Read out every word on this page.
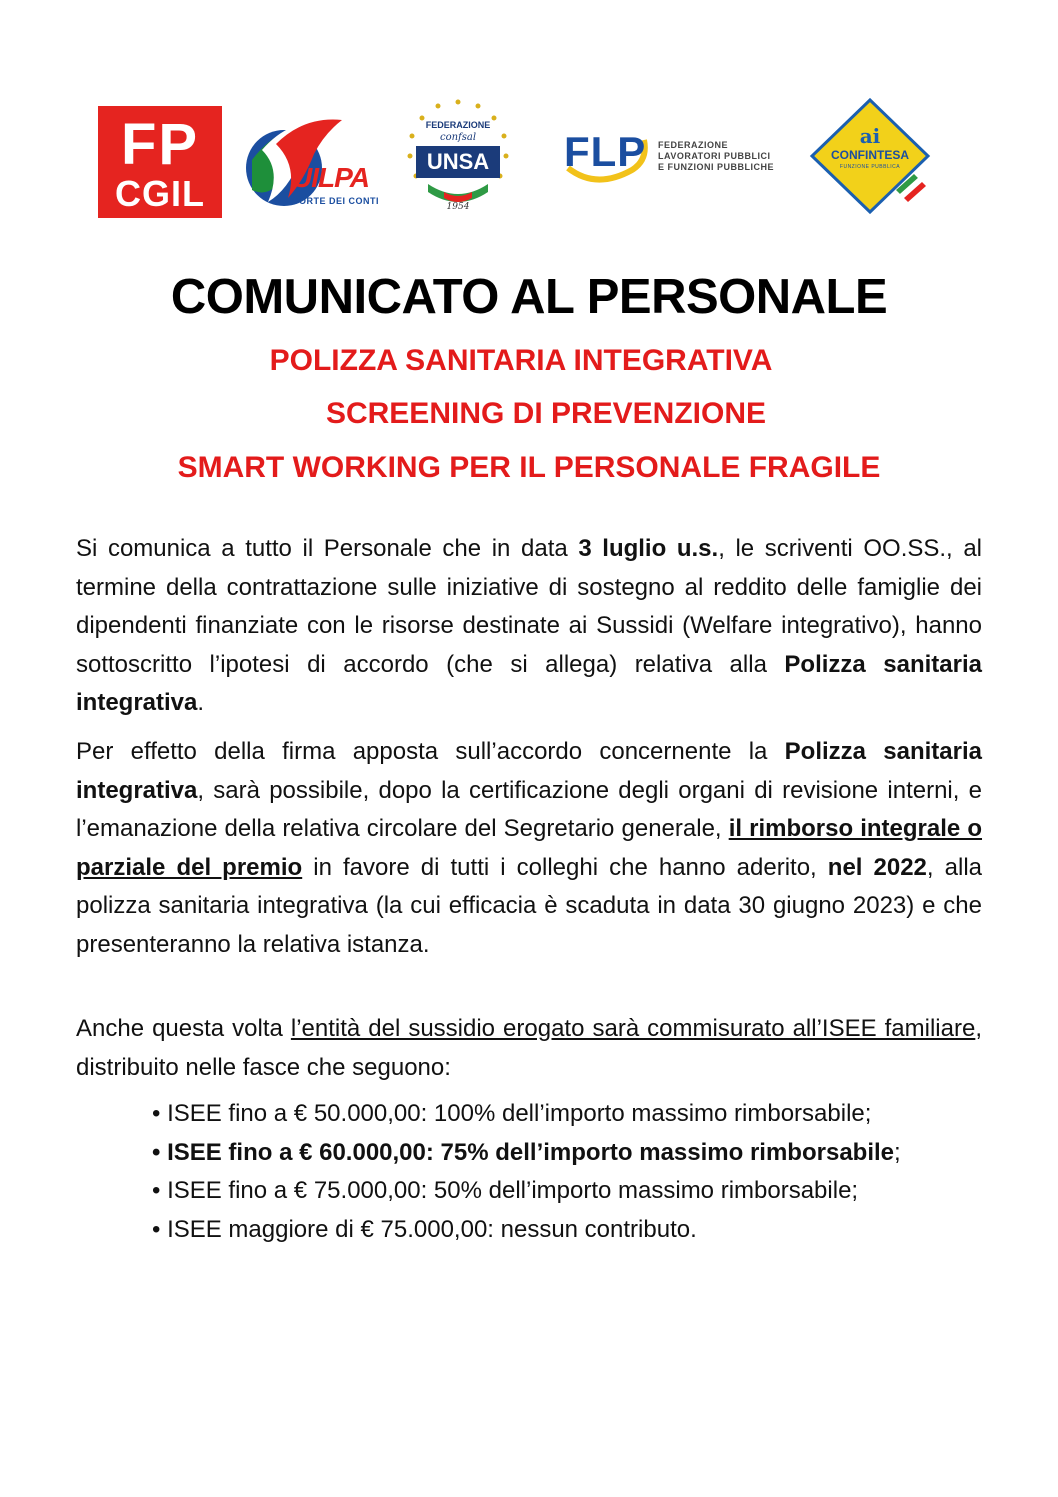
FP
CGIL	UILPA
CORTE DEI CONTI
FEDERAZIONE
confsal
UNSA
1954
FLP FEDERAZIONE
LAVORATORI PUBBLICI
E FUNZIONI PUBBLICHE
ai
CONFINTESA
FUNZIONE PUBBLICA
COMUNICATO AL PERSONALE
POLIZZA SANITARIA INTEGRATIVA
SCREENING DI PREVENZIONE
SMART WORKING PER IL PERSONALE FRAGILE

Si comunica a tutto il Personale che in data 3 luglio u.s., le scriventi OO.SS., al termine della contrattazione sulle iniziative di sostegno al reddito delle famiglie dei dipendenti finanziate con le risorse destinate ai Sussidi (Welfare integrativo), hanno sottoscritto l’ipotesi di accordo (che si allega) relativa alla Polizza sanitaria integrativa.

Per effetto della firma apposta sull’accordo concernente la Polizza sanitaria integrativa, sarà possibile, dopo la certificazione degli organi di revisione interni, e l’emanazione della relativa circolare del Segretario generale, il rimborso integrale o parziale del premio in favore di tutti i colleghi che hanno aderito, nel 2022, alla polizza sanitaria integrativa (la cui efficacia è scaduta in data 30 giugno 2023) e che presenteranno la relativa istanza.

Anche questa volta l’entità del sussidio erogato sarà commisurato all’ISEE familiare, distribuito nelle fasce che seguono:

• ISEE fino a € 50.000,00: 100% dell’importo massimo rimborsabile;

• ISEE fino a € 60.000,00: 75% dell’importo massimo rimborsabile;

• ISEE fino a € 75.000,00: 50% dell’importo massimo rimborsabile;

• ISEE maggiore di € 75.000,00: nessun contributo.
